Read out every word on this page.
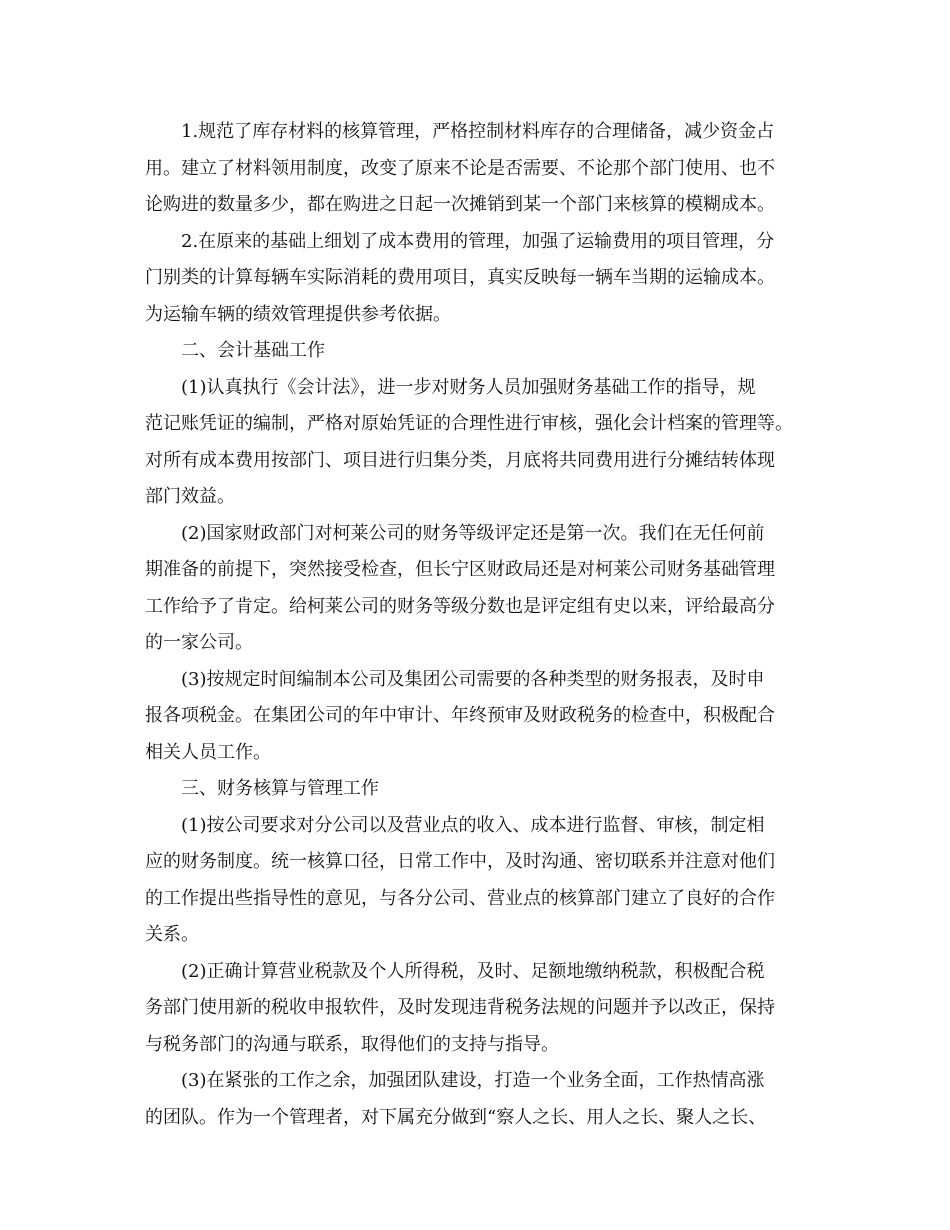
1.规范了库存材料的核算管理，严格控制材料库存的合理储备，减少资金占
用。建立了材料领用制度，改变了原来不论是否需要、不论那个部门使用、也不
论购进的数量多少，都在购进之日起一次摊销到某一个部门来核算的模糊成本。
2.在原来的基础上细划了成本费用的管理，加强了运输费用的项目管理，分
门别类的计算每辆车实际消耗的费用项目，真实反映每一辆车当期的运输成本。
为运输车辆的绩效管理提供参考依据。
二、会计基础工作
(1)认真执行《会计法》，进一步对财务人员加强财务基础工作的指导，规
范记账凭证的编制，严格对原始凭证的合理性进行审核，强化会计档案的管理等。
对所有成本费用按部门、项目进行归集分类，月底将共同费用进行分摊结转体现
部门效益。
(2)国家财政部门对柯莱公司的财务等级评定还是第一次。我们在无任何前
期准备的前提下，突然接受检查，但长宁区财政局还是对柯莱公司财务基础管理
工作给予了肯定。给柯莱公司的财务等级分数也是评定组有史以来，评给最高分
的一家公司。
(3)按规定时间编制本公司及集团公司需要的各种类型的财务报表，及时申
报各项税金。在集团公司的年中审计、年终预审及财政税务的检查中，积极配合
相关人员工作。
三、财务核算与管理工作
(1)按公司要求对分公司以及营业点的收入、成本进行监督、审核，制定相
应的财务制度。统一核算口径，日常工作中，及时沟通、密切联系并注意对他们
的工作提出些指导性的意见，与各分公司、营业点的核算部门建立了良好的合作
关系。
(2)正确计算营业税款及个人所得税，及时、足额地缴纳税款，积极配合税
务部门使用新的税收申报软件，及时发现违背税务法规的问题并予以改正，保持
与税务部门的沟通与联系，取得他们的支持与指导。
(3)在紧张的工作之余，加强团队建设，打造一个业务全面，工作热情高涨
的团队。作为一个管理者，对下属充分做到“察人之长、用人之长、聚人之长、
